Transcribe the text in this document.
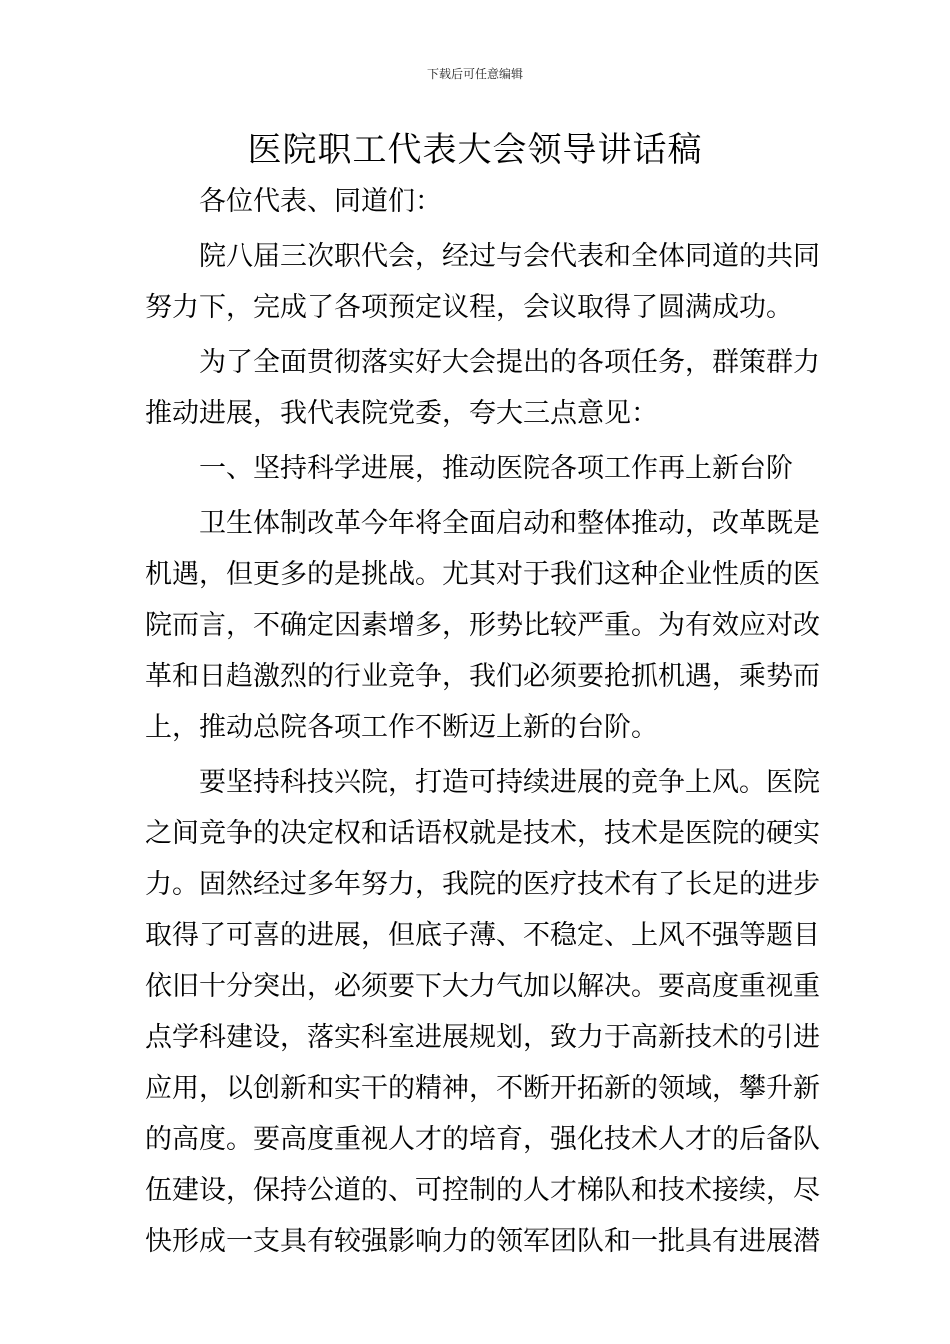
下载后可任意编辑
医院职工代表大会领导讲话稿

各位代表、同道们：

院八届三次职代会，经过与会代表和全体同道的共同
努力下，完成了各项预定议程，会议取得了圆满成功。

为了全面贯彻落实好大会提出的各项任务，群策群力
推动进展，我代表院党委，夸大三点意见：

一、坚持科学进展，推动医院各项工作再上新台阶

卫生体制改革今年将全面启动和整体推动，改革既是
机遇，但更多的是挑战。尤其对于我们这种企业性质的医
院而言，不确定因素增多，形势比较严重。为有效应对改
革和日趋激烈的行业竞争，我们必须要抢抓机遇，乘势而
上，推动总院各项工作不断迈上新的台阶。

要坚持科技兴院，打造可持续进展的竞争上风。医院
之间竞争的决定权和话语权就是技术，技术是医院的硬实
力。固然经过多年努力，我院的医疗技术有了长足的进步
取得了可喜的进展，但底子薄、不稳定、上风不强等题目
依旧十分突出，必须要下大力气加以解决。要高度重视重
点学科建设，落实科室进展规划，致力于高新技术的引进
应用，以创新和实干的精神，不断开拓新的领域，攀升新
的高度。要高度重视人才的培育，强化技术人才的后备队
伍建设，保持公道的、可控制的人才梯队和技术接续，尽
快形成一支具有较强影响力的领军团队和一批具有进展潜
